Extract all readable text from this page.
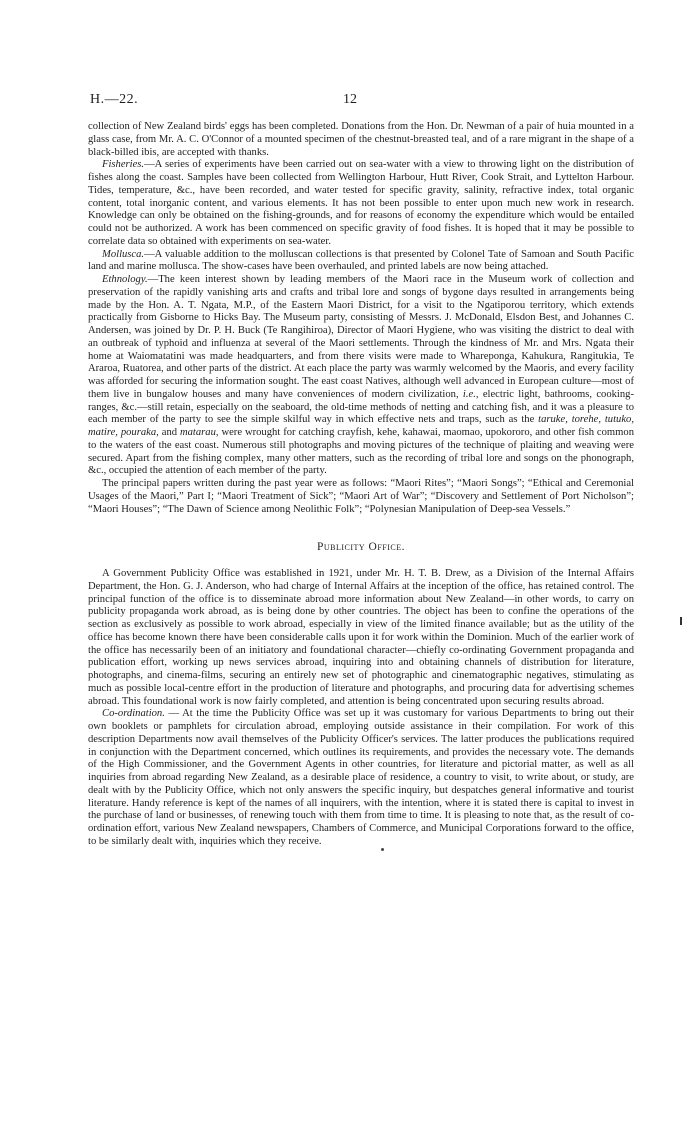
H.—22.	12

collection of New Zealand birds' eggs has been completed. Donations from the Hon. Dr. Newman of a pair of huia mounted in a glass case, from Mr. A. C. O'Connor of a mounted specimen of the chestnut-breasted teal, and of a rare migrant in the shape of a black-billed ibis, are accepted with thanks.

Fisheries.—A series of experiments have been carried out on sea-water with a view to throwing light on the distribution of fishes along the coast. Samples have been collected from Wellington Harbour, Hutt River, Cook Strait, and Lyttelton Harbour. Tides, temperature, &c., have been recorded, and water tested for specific gravity, salinity, refractive index, total organic content, total inorganic content, and various elements. It has not been possible to enter upon much new work in research. Knowledge can only be obtained on the fishing-grounds, and for reasons of economy the expenditure which would be entailed could not be authorized. A work has been commenced on specific gravity of food fishes. It is hoped that it may be possible to correlate data so obtained with experiments on sea-water.

Mollusca.—A valuable addition to the molluscan collections is that presented by Colonel Tate of Samoan and South Pacific land and marine mollusca. The show-cases have been overhauled, and printed labels are now being attached.

Ethnology.—The keen interest shown by leading members of the Maori race in the Museum work of collection and preservation of the rapidly vanishing arts and crafts and tribal lore and songs of bygone days resulted in arrangements being made by the Hon. A. T. Ngata, M.P., of the Eastern Maori District, for a visit to the Ngatiporou territory, which extends practically from Gisborne to Hicks Bay. The Museum party, consisting of Messrs. J. McDonald, Elsdon Best, and Johannes C. Andersen, was joined by Dr. P. H. Buck (Te Rangihiroa), Director of Maori Hygiene, who was visiting the district to deal with an outbreak of typhoid and influenza at several of the Maori settlements. Through the kindness of Mr. and Mrs. Ngata their home at Waiomatatini was made headquarters, and from there visits were made to Whareponga, Kahukura, Rangitukia, Te Araroa, Ruatorea, and other parts of the district. At each place the party was warmly welcomed by the Maoris, and every facility was afforded for securing the information sought. The east coast Natives, although well advanced in European culture—most of them live in bungalow houses and many have conveniences of modern civilization, i.e., electric light, bathrooms, cooking-ranges, &c.—still retain, especially on the seaboard, the old-time methods of netting and catching fish, and it was a pleasure to each member of the party to see the simple skilful way in which effective nets and traps, such as the taruke, torehe, tutuko, matire, pouraka, and matarau, were wrought for catching crayfish, kehe, kahawai, maomao, upokororo, and other fish common to the waters of the east coast. Numerous still photographs and moving pictures of the technique of plaiting and weaving were secured. Apart from the fishing complex, many other matters, such as the recording of tribal lore and songs on the phonograph, &c., occupied the attention of each member of the party.

The principal papers written during the past year were as follows: “Maori Rites”; “Maori Songs”; “Ethical and Ceremonial Usages of the Maori,” Part I; “Maori Treatment of Sick”; “Maori Art of War”; “Discovery and Settlement of Port Nicholson”; “Maori Houses”; “The Dawn of Science among Neolithic Folk”; “Polynesian Manipulation of Deep-sea Vessels.”

Publicity Office.

A Government Publicity Office was established in 1921, under Mr. H. T. B. Drew, as a Division of the Internal Affairs Department, the Hon. G. J. Anderson, who had charge of Internal Affairs at the inception of the office, has retained control. The principal function of the office is to disseminate abroad more information about New Zealand—in other words, to carry on publicity propaganda work abroad, as is being done by other countries. The object has been to confine the operations of the section as exclusively as possible to work abroad, especially in view of the limited finance available; but as the utility of the office has become known there have been considerable calls upon it for work within the Dominion. Much of the earlier work of the office has necessarily been of an initiatory and foundational character—chiefly co-ordinating Government propaganda and publication effort, working up news services abroad, inquiring into and obtaining channels of distribution for literature, photographs, and cinema-films, securing an entirely new set of photographic and cinematographic negatives, stimulating as much as possible local-centre effort in the production of literature and photographs, and procuring data for advertising schemes abroad. This foundational work is now fairly completed, and attention is being concentrated upon securing results abroad.

Co-ordination. — At the time the Publicity Office was set up it was customary for various Departments to bring out their own booklets or pamphlets for circulation abroad, employing outside assistance in their compilation. For work of this description Departments now avail themselves of the Publicity Officer's services. The latter produces the publications required in conjunction with the Department concerned, which outlines its requirements, and provides the necessary vote. The demands of the High Commissioner, and the Government Agents in other countries, for literature and pictorial matter, as well as all inquiries from abroad regarding New Zealand, as a desirable place of residence, a country to visit, to write about, or study, are dealt with by the Publicity Office, which not only answers the specific inquiry, but despatches general informative and tourist literature. Handy reference is kept of the names of all inquirers, with the intention, where it is stated there is capital to invest in the purchase of land or businesses, of renewing touch with them from time to time. It is pleasing to note that, as the result of co-ordination effort, various New Zealand newspapers, Chambers of Commerce, and Municipal Corporations forward to the office, to be similarly dealt with, inquiries which they receive.
